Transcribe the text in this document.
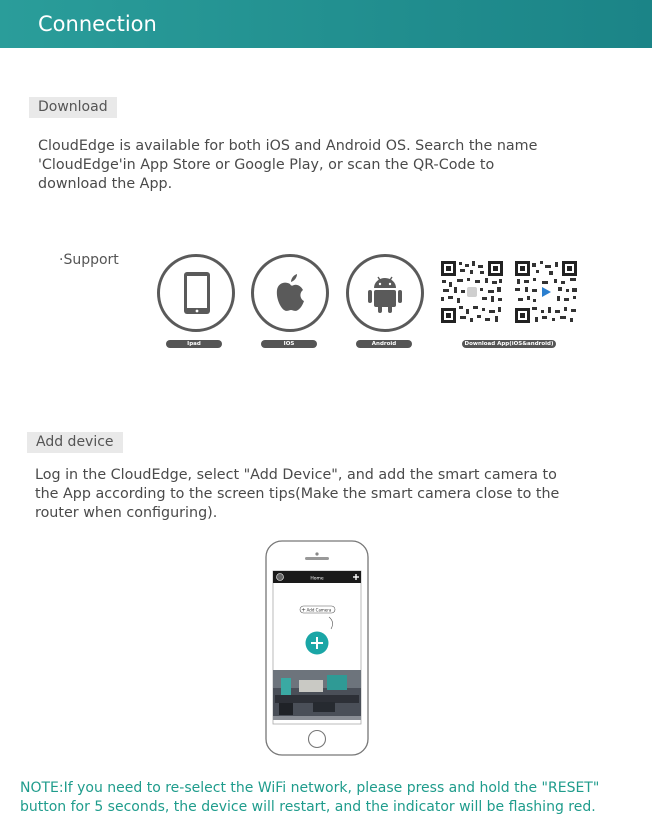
Connection
Download
CloudEdge is available for both iOS and Android OS. Search the name
'CloudEdge'in App Store or Google Play, or scan the QR-Code to
download the App.
·Support
Ipad	IOS	Android	Download App(iOS&android)
Add device
Log in the CloudEdge, select "Add Device", and add the smart camera to
the App according to the screen tips(Make the smart camera close to the
router when configuring).
Home
Add Camera
+
NOTE:If you need to re-select the WiFi network, please press and hold the "RESET"
button for 5 seconds, the device will restart, and the indicator will be flashing red.
